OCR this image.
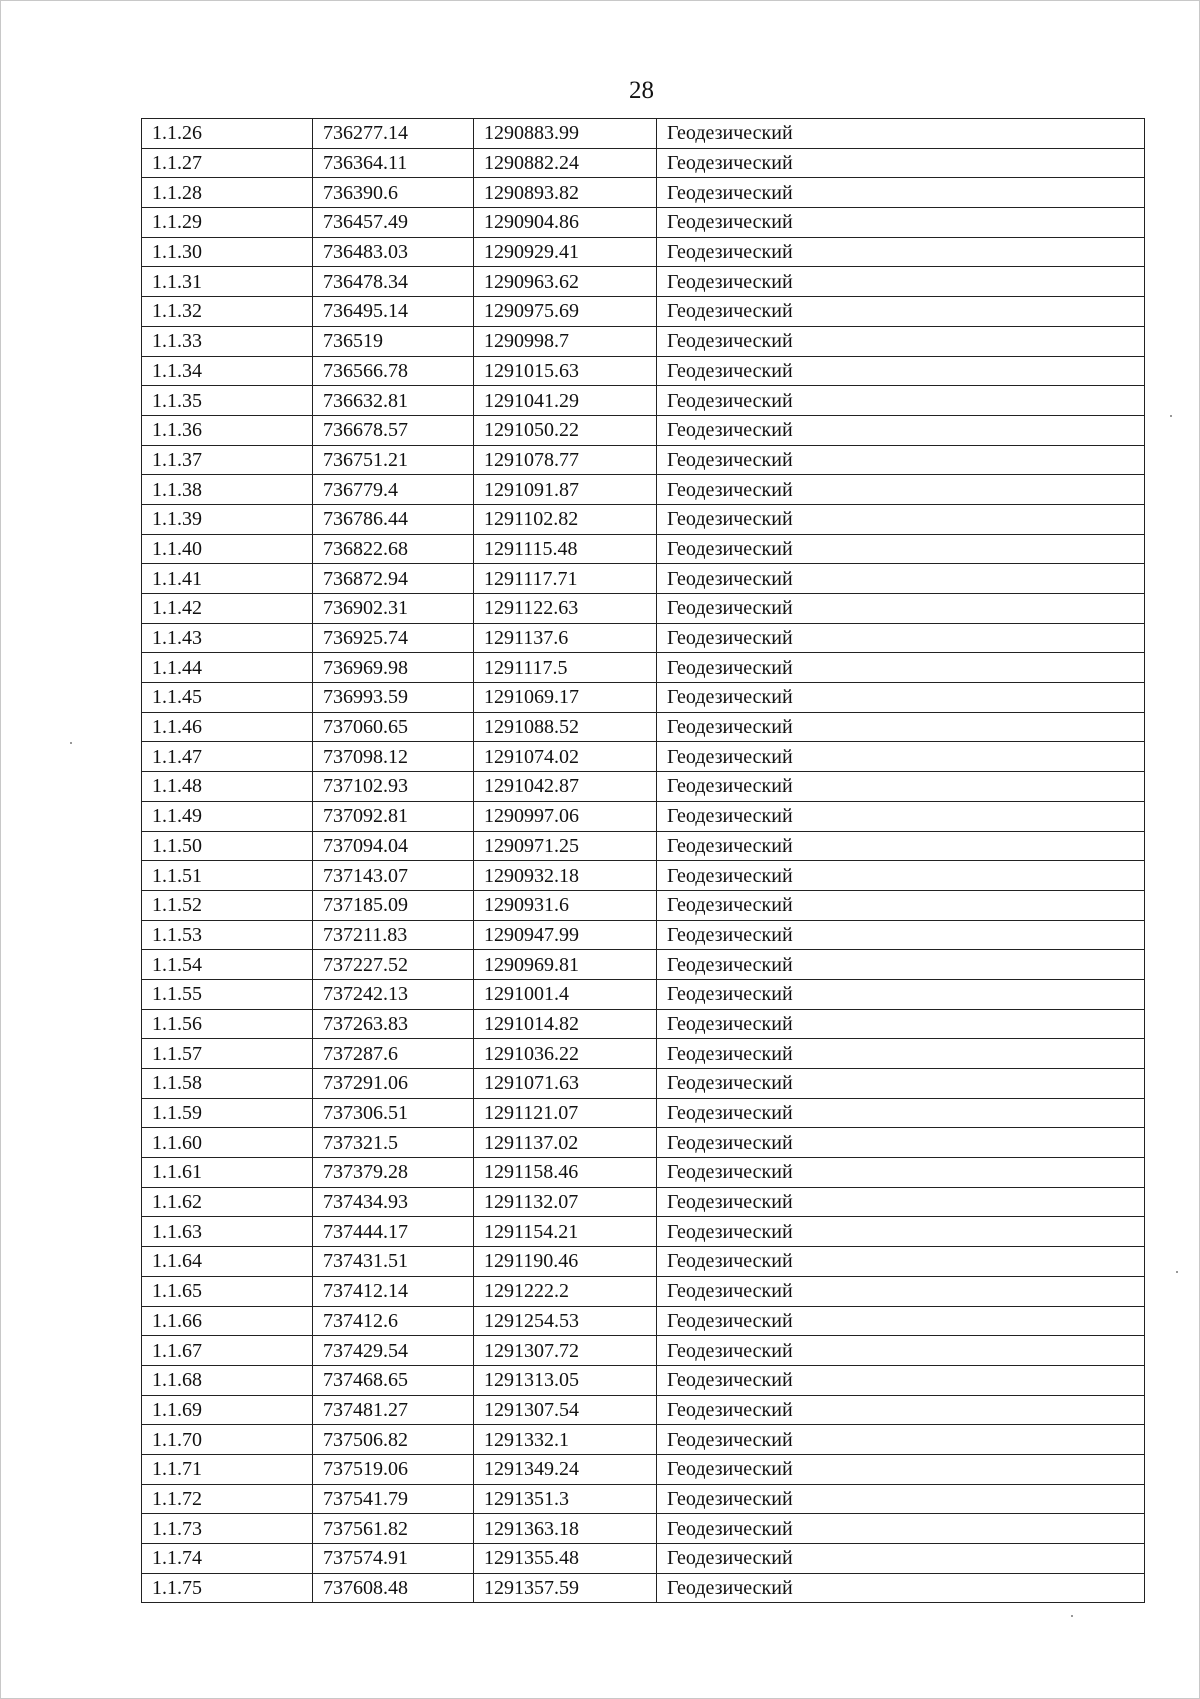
28
1.1.26	736277.14	1290883.99	Геодезический
1.1.27	736364.11	1290882.24	Геодезический
1.1.28	736390.6	1290893.82	Геодезический
1.1.29	736457.49	1290904.86	Геодезический
1.1.30	736483.03	1290929.41	Геодезический
1.1.31	736478.34	1290963.62	Геодезический
1.1.32	736495.14	1290975.69	Геодезический
1.1.33	736519	1290998.7	Геодезический
1.1.34	736566.78	1291015.63	Геодезический
1.1.35	736632.81	1291041.29	Геодезический
1.1.36	736678.57	1291050.22	Геодезический
1.1.37	736751.21	1291078.77	Геодезический
1.1.38	736779.4	1291091.87	Геодезический
1.1.39	736786.44	1291102.82	Геодезический
1.1.40	736822.68	1291115.48	Геодезический
1.1.41	736872.94	1291117.71	Геодезический
1.1.42	736902.31	1291122.63	Геодезический
1.1.43	736925.74	1291137.6	Геодезический
1.1.44	736969.98	1291117.5	Геодезический
1.1.45	736993.59	1291069.17	Геодезический
1.1.46	737060.65	1291088.52	Геодезический
1.1.47	737098.12	1291074.02	Геодезический
1.1.48	737102.93	1291042.87	Геодезический
1.1.49	737092.81	1290997.06	Геодезический
1.1.50	737094.04	1290971.25	Геодезический
1.1.51	737143.07	1290932.18	Геодезический
1.1.52	737185.09	1290931.6	Геодезический
1.1.53	737211.83	1290947.99	Геодезический
1.1.54	737227.52	1290969.81	Геодезический
1.1.55	737242.13	1291001.4	Геодезический
1.1.56	737263.83	1291014.82	Геодезический
1.1.57	737287.6	1291036.22	Геодезический
1.1.58	737291.06	1291071.63	Геодезический
1.1.59	737306.51	1291121.07	Геодезический
1.1.60	737321.5	1291137.02	Геодезический
1.1.61	737379.28	1291158.46	Геодезический
1.1.62	737434.93	1291132.07	Геодезический
1.1.63	737444.17	1291154.21	Геодезический
1.1.64	737431.51	1291190.46	Геодезический
1.1.65	737412.14	1291222.2	Геодезический
1.1.66	737412.6	1291254.53	Геодезический
1.1.67	737429.54	1291307.72	Геодезический
1.1.68	737468.65	1291313.05	Геодезический
1.1.69	737481.27	1291307.54	Геодезический
1.1.70	737506.82	1291332.1	Геодезический
1.1.71	737519.06	1291349.24	Геодезический
1.1.72	737541.79	1291351.3	Геодезический
1.1.73	737561.82	1291363.18	Геодезический
1.1.74	737574.91	1291355.48	Геодезический
1.1.75	737608.48	1291357.59	Геодезический
